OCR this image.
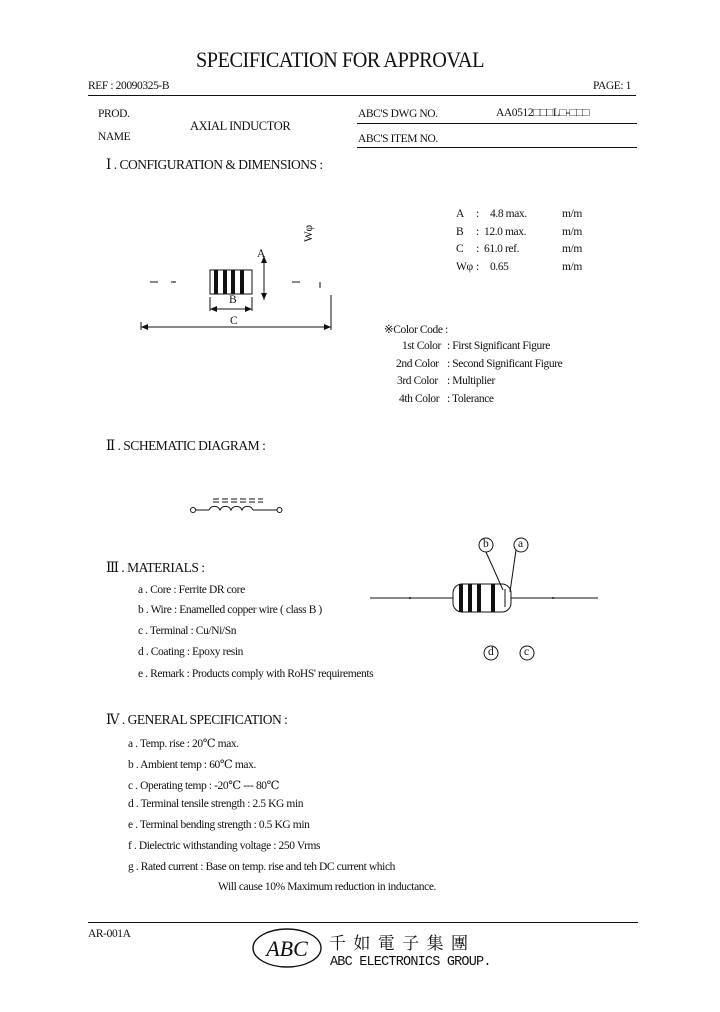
SPECIFICATION FOR APPROVAL
REF : 20090325-B	PAGE: 1
PROD.
NAME
AXIAL INDUCTOR
ABC'S DWG NO.	AA0512□□□L□-□□□
ABC'S ITEM NO.
Ⅰ . CONFIGURATION & DIMENSIONS :
A
B
C
Wφ
A : 4.8 max.	m/m
B : 12.0 max.	m/m
C : 61.0 ref.	m/m
Wφ : 0.65	m/m
※Color Code :
1st Color : First Significant Figure
2nd Color : Second Significant Figure
3rd Color : Multiplier
4th Color : Tolerance
Ⅱ . SCHEMATIC DIAGRAM :
Ⅲ . MATERIALS :
a . Core : Ferrite DR core
b . Wire : Enamelled copper wire ( class B )
c . Terminal : Cu/Ni/Sn
d . Coating : Epoxy resin
e . Remark : Products comply with RoHS' requirements
b	a
d	c
Ⅳ . GENERAL SPECIFICATION :
a . Temp. rise : 20℃ max.
b . Ambient temp : 60℃ max.
c . Operating temp : -20℃ --- 80℃
d . Terminal tensile strength : 2.5 KG min
e . Terminal bending strength : 0.5 KG min
f . Dielectric withstanding voltage : 250 Vrms
g . Rated current : Base on temp. rise and teh DC current which
Will cause 10% Maximum reduction in inductance.
AR-001A
ABC 千 如 電 子 集 團
ABC ELECTRONICS GROUP.
